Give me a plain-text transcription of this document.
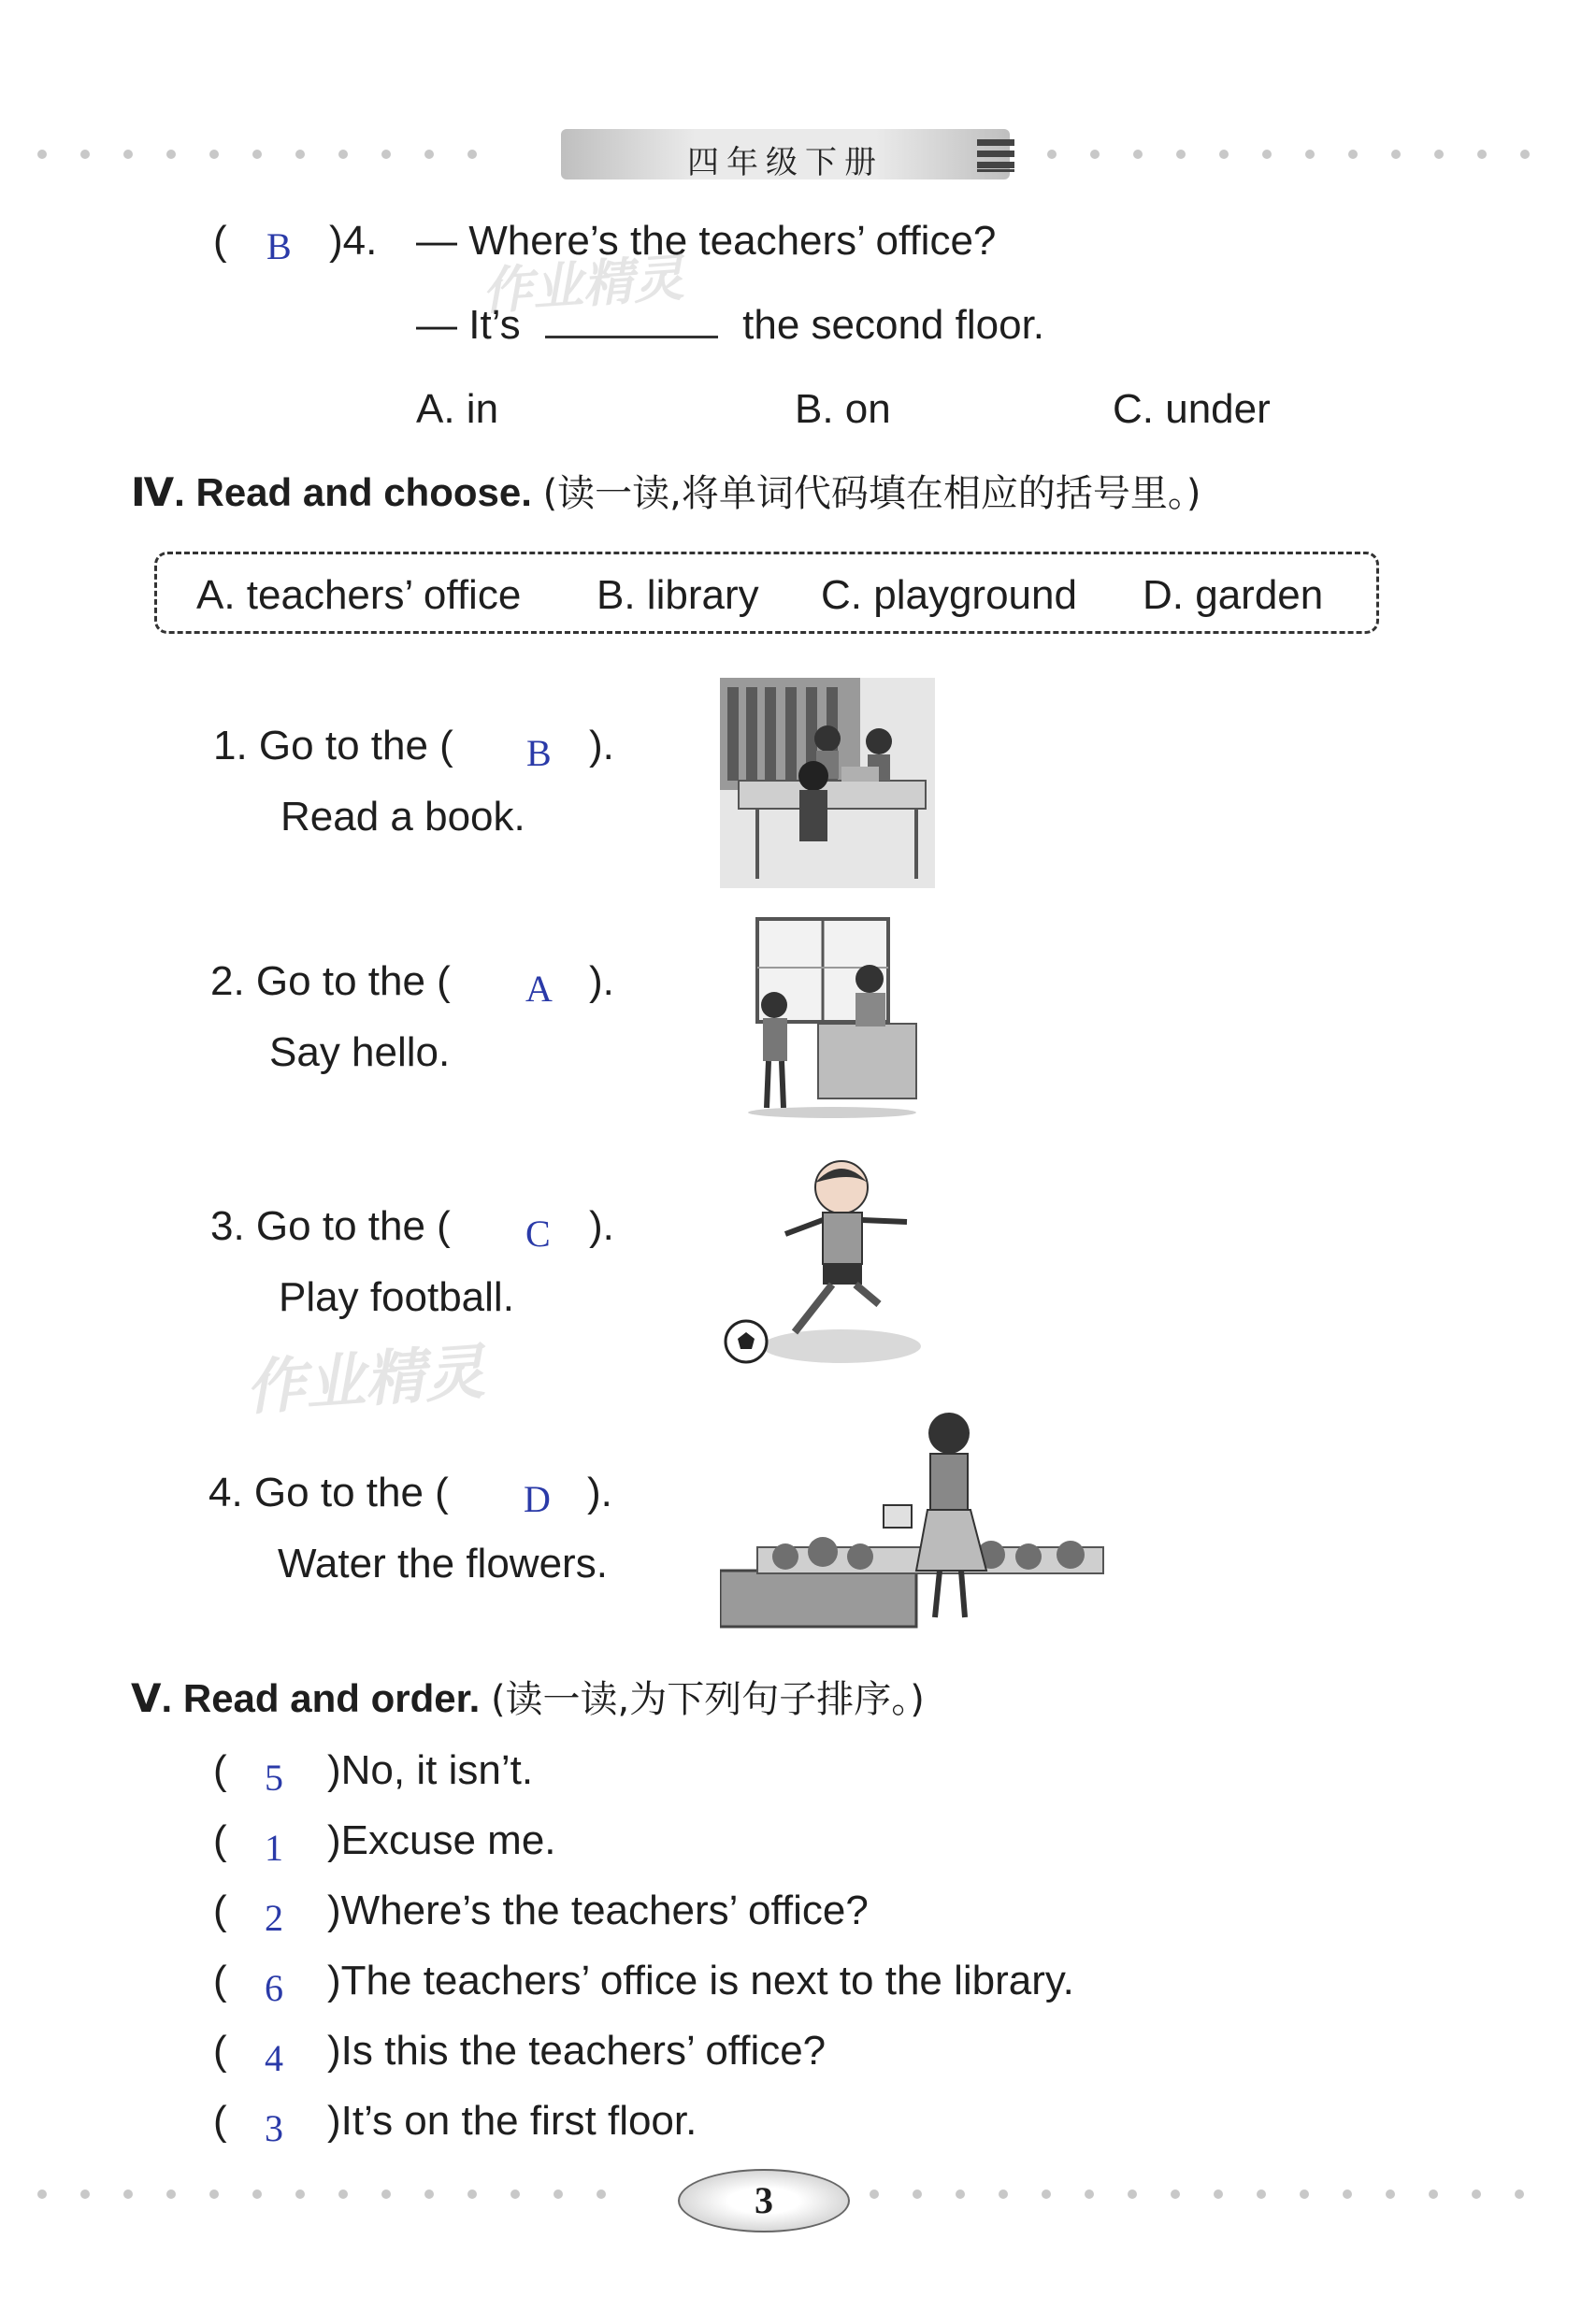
四年级下册
( B )4. — Where’s the teachers’ office?
— It’s	the second floor.
A. in	B. on	C. under
Ⅳ. Read and choose. (读一读,将单词代码填在相应的括号里。)
A. teachers’ office B. library C. playground D. garden
1. Go to the ( B ).
Read a book.
2. Go to the ( A ).
Say hello.
3. Go to the ( C ).
Play football.
作业精灵
作业精灵
4. Go to the ( D ).
Water the flowers.
Ⅴ. Read and order. (读一读,为下列句子排序。)
( 5 )No, it isn’t.
( 1 )Excuse me.
( 2 )Where’s the teachers’ office?
( 6 )The teachers’ office is next to the library.
( 4 )Is this the teachers’ office?
( 3 )It’s on the first floor.
3
